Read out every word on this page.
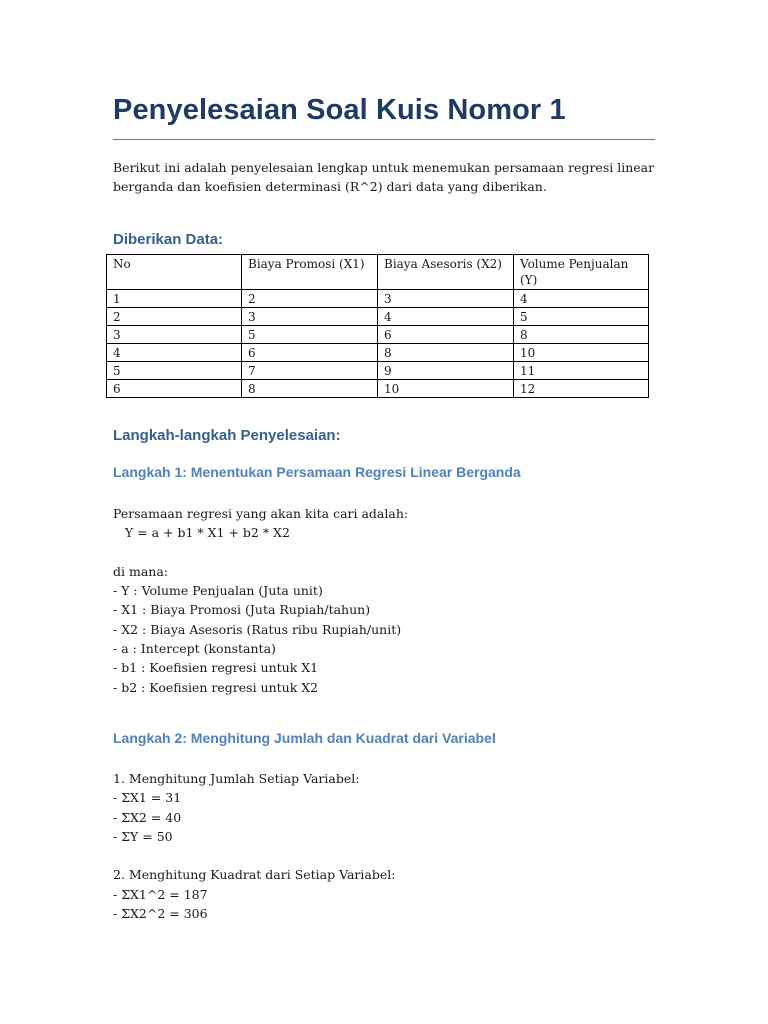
Penyelesaian Soal Kuis Nomor 1

Berikut ini adalah penyelesaian lengkap untuk menemukan persamaan regresi linear berganda dan koefisien determinasi (R^2) dari data yang diberikan.

Diberikan Data:
No	Biaya Promosi (X1)	Biaya Asesoris (X2)	Volume Penjualan (Y)
1	2	3	4
2	3	4	5
3	5	6	8
4	6	8	10
5	7	9	11
6	8	10	12
Langkah-langkah Penyelesaian:
Langkah 1: Menentukan Persamaan Regresi Linear Berganda
Persamaan regresi yang akan kita cari adalah:
Y = a + b1 * X1 + b2 * X2
di mana:
- Y : Volume Penjualan (Juta unit)
- X1 : Biaya Promosi (Juta Rupiah/tahun)
- X2 : Biaya Asesoris (Ratus ribu Rupiah/unit)
- a : Intercept (konstanta)
- b1 : Koefisien regresi untuk X1
- b2 : Koefisien regresi untuk X2
Langkah 2: Menghitung Jumlah dan Kuadrat dari Variabel
1. Menghitung Jumlah Setiap Variabel:
- ΣX1 = 31
- ΣX2 = 40
- ΣY = 50
2. Menghitung Kuadrat dari Setiap Variabel:
- ΣX1^2 = 187
- ΣX2^2 = 306
